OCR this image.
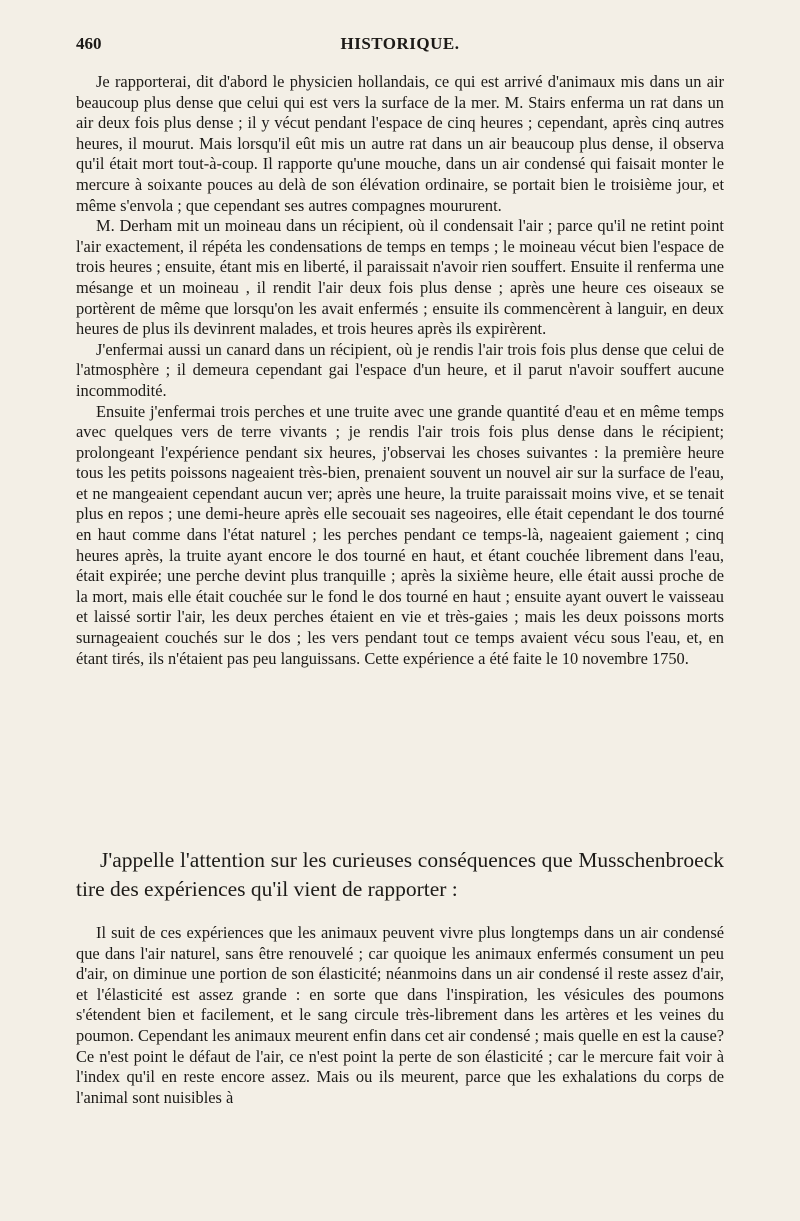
460	HISTORIQUE.

Je rapporterai, dit d'abord le physicien hollandais, ce qui est arrivé d'animaux mis dans un air beaucoup plus dense que celui qui est vers la surface de la mer. M. Stairs enferma un rat dans un air deux fois plus dense ; il y vécut pendant l'espace de cinq heures ; cependant, après cinq autres heures, il mourut. Mais lorsqu'il eût mis un autre rat dans un air beaucoup plus dense, il observa qu'il était mort tout-à-coup. Il rapporte qu'une mouche, dans un air condensé qui faisait monter le mercure à soixante pouces au delà de son élévation ordinaire, se portait bien le troisième jour, et même s'envola ; que cependant ses autres compagnes moururent.

M. Derham mit un moineau dans un récipient, où il condensait l'air ; parce qu'il ne retint point l'air exactement, il répéta les condensations de temps en temps ; le moineau vécut bien l'espace de trois heures ; ensuite, étant mis en liberté, il paraissait n'avoir rien souffert. Ensuite il renferma une mésange et un moineau , il rendit l'air deux fois plus dense ; après une heure ces oiseaux se portèrent de même que lorsqu'on les avait enfermés ; ensuite ils commencèrent à languir, en deux heures de plus ils devinrent malades, et trois heures après ils expirèrent.

J'enfermai aussi un canard dans un récipient, où je rendis l'air trois fois plus dense que celui de l'atmosphère ; il demeura cependant gai l'espace d'un heure, et il parut n'avoir souffert aucune incommodité.

Ensuite j'enfermai trois perches et une truite avec une grande quantité d'eau et en même temps avec quelques vers de terre vivants ; je rendis l'air trois fois plus dense dans le récipient; prolongeant l'expérience pendant six heures, j'observai les choses suivantes : la première heure tous les petits poissons nageaient très-bien, prenaient souvent un nouvel air sur la surface de l'eau, et ne mangeaient cependant aucun ver; après une heure, la truite paraissait moins vive, et se tenait plus en repos ; une demi-heure après elle secouait ses nageoires, elle était cependant le dos tourné en haut comme dans l'état naturel ; les perches pendant ce temps-là, nageaient gaiement ; cinq heures après, la truite ayant encore le dos tourné en haut, et étant couchée librement dans l'eau, était expirée; une perche devint plus tranquille ; après la sixième heure, elle était aussi proche de la mort, mais elle était couchée sur le fond le dos tourné en haut ; ensuite ayant ouvert le vaisseau et laissé sortir l'air, les deux perches étaient en vie et très-gaies ; mais les deux poissons morts surnageaient couchés sur le dos ; les vers pendant tout ce temps avaient vécu sous l'eau, et, en étant tirés, ils n'étaient pas peu languissans. Cette expérience a été faite le 10 novembre 1750.

J'appelle l'attention sur les curieuses conséquences que Musschenbroeck tire des expériences qu'il vient de rapporter :

Il suit de ces expériences que les animaux peuvent vivre plus longtemps dans un air condensé que dans l'air naturel, sans être renouvelé ; car quoique les animaux enfermés consument un peu d'air, on diminue une portion de son élasticité; néanmoins dans un air condensé il reste assez d'air, et l'élasticité est assez grande : en sorte que dans l'inspiration, les vésicules des poumons s'étendent bien et facilement, et le sang circule très-librement dans les artères et les veines du poumon. Cependant les animaux meurent enfin dans cet air condensé ; mais quelle en est la cause? Ce n'est point le défaut de l'air, ce n'est point la perte de son élasticité ; car le mercure fait voir à l'index qu'il en reste encore assez. Mais ou ils meurent, parce que les exhalations du corps de l'animal sont nuisibles à
